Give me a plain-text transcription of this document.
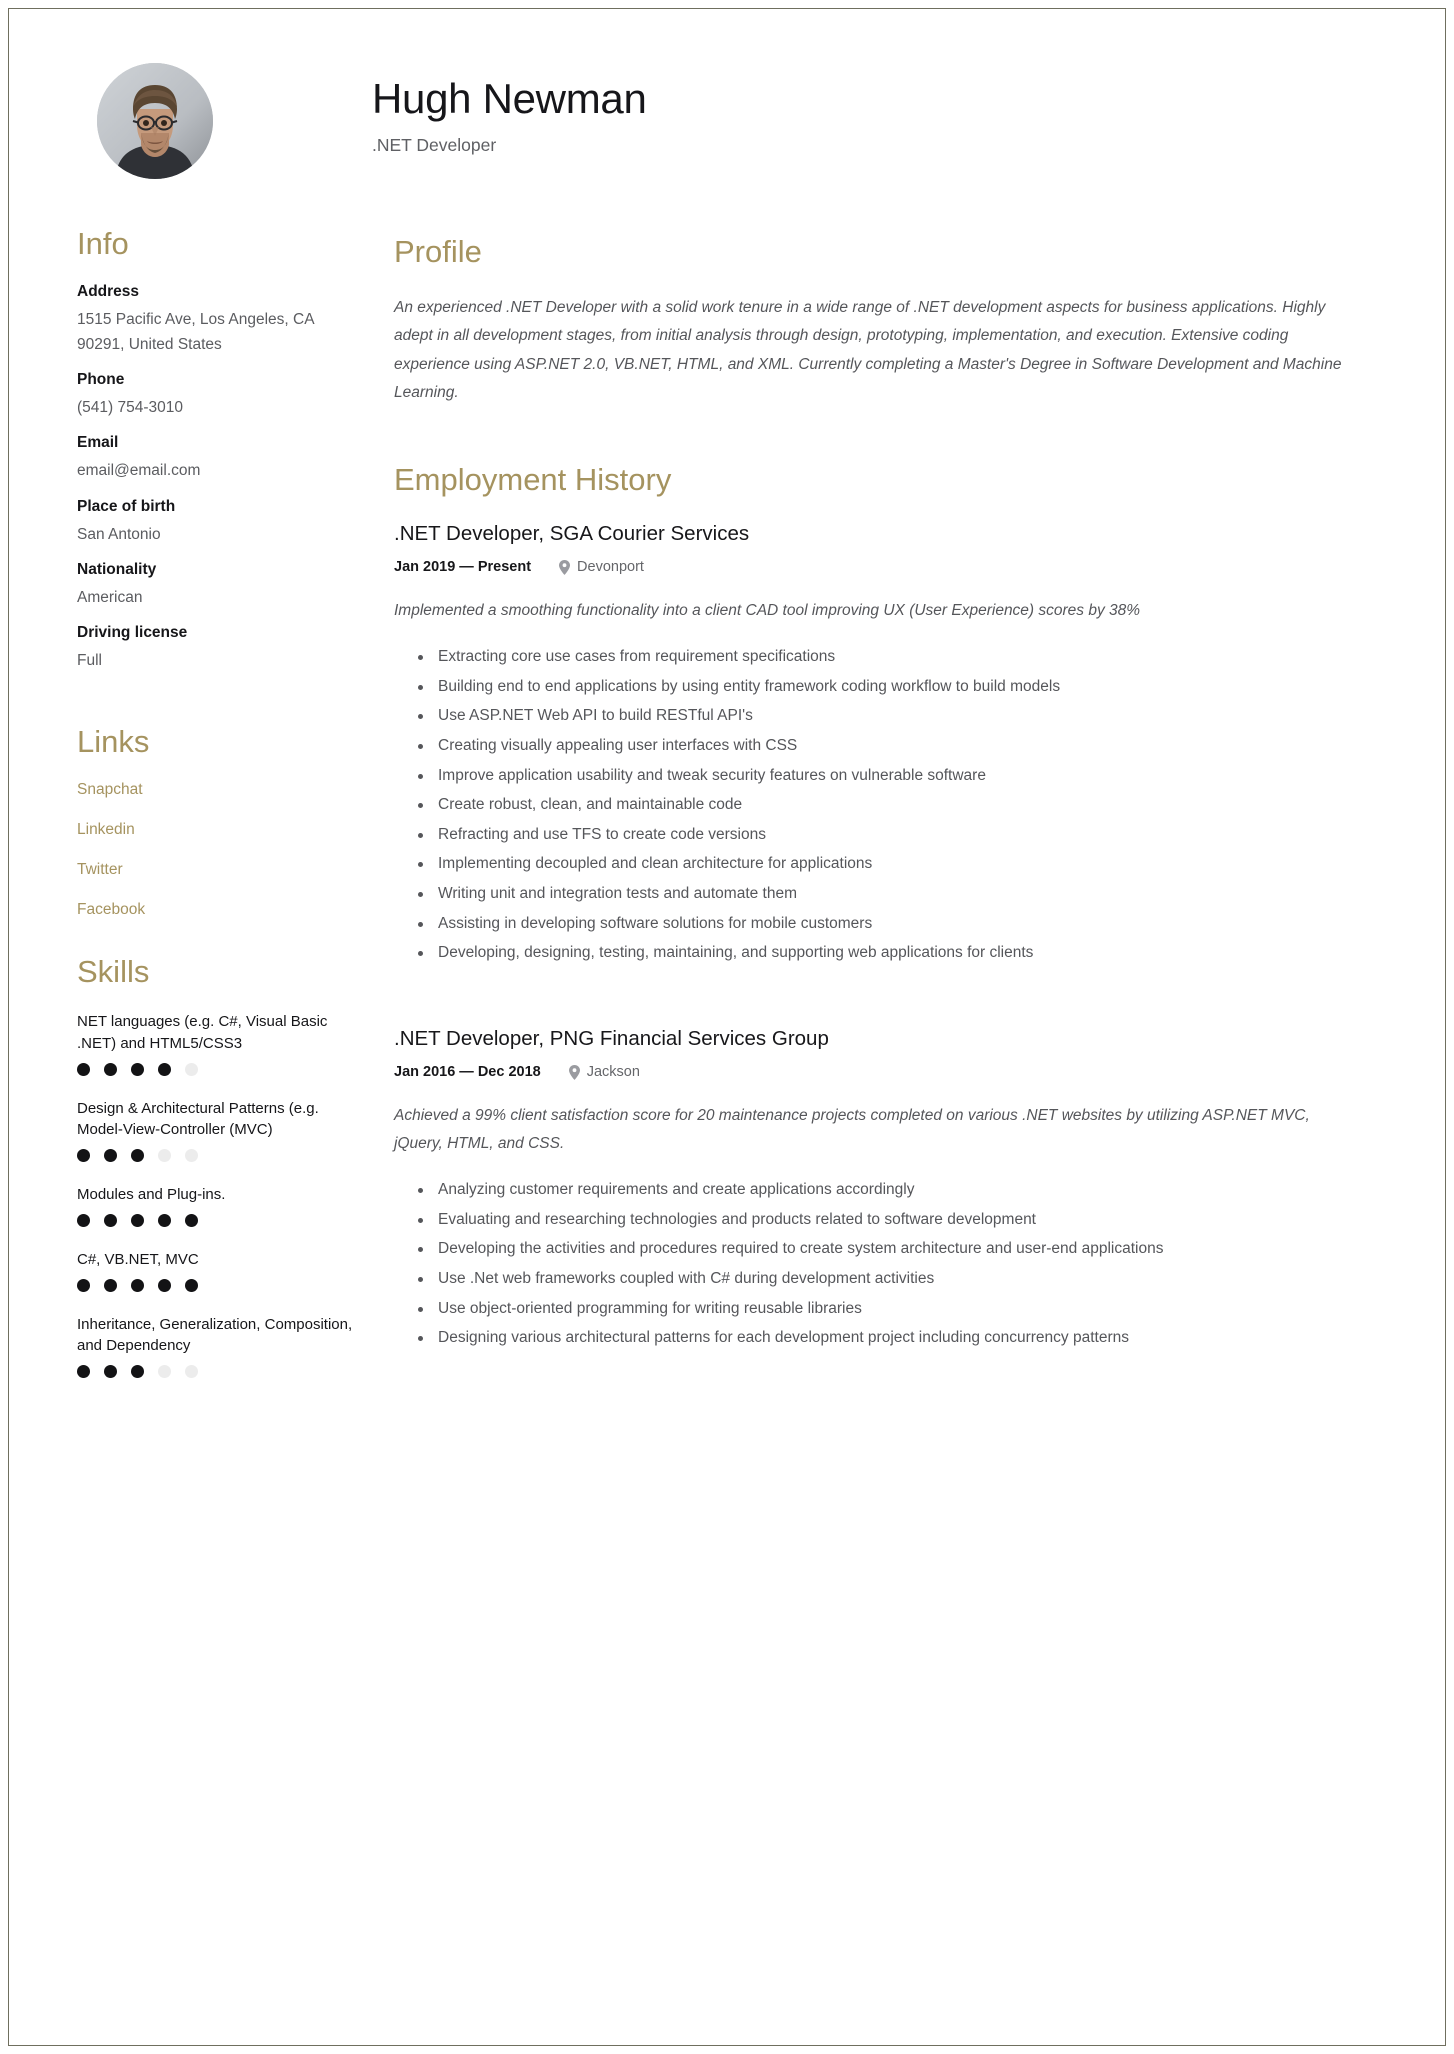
Hugh Newman
.NET Developer
Info
Address
1515 Pacific Ave, Los Angeles, CA 90291, United States
Phone
(541) 754-3010
Email
email@email.com
Place of birth
San Antonio
Nationality
American
Driving license
Full
Links
Snapchat
Linkedin
Twitter
Facebook
Skills
NET languages (e.g. C#, Visual Basic .NET) and HTML5/CSS3
Design & Architectural Patterns (e.g. Model-View-Controller (MVC)
Modules and Plug-ins.
C#, VB.NET, MVC
Inheritance, Generalization, Composition, and Dependency
Profile
An experienced .NET Developer with a solid work tenure in a wide range of .NET development aspects for business applications. Highly adept in all development stages, from initial analysis through design, prototyping, implementation, and execution. Extensive coding experience using ASP.NET 2.0, VB.NET, HTML, and XML. Currently completing a Master's Degree in Software Development and Machine Learning.
Employment History
.NET Developer, SGA Courier Services
Jan 2019 — Present	Devonport
Implemented a smoothing functionality into a client CAD tool improving UX (User Experience) scores by 38%
Extracting core use cases from requirement specifications
Building end to end applications by using entity framework coding workflow to build models
Use ASP.NET Web API to build RESTful API's
Creating visually appealing user interfaces with CSS
Improve application usability and tweak security features on vulnerable software
Create robust, clean, and maintainable code
Refracting and use TFS to create code versions
Implementing decoupled and clean architecture for applications
Writing unit and integration tests and automate them
Assisting in developing software solutions for mobile customers
Developing, designing, testing, maintaining, and supporting web applications for clients
.NET Developer, PNG Financial Services Group
Jan 2016 — Dec 2018	Jackson
Achieved a 99% client satisfaction score for 20 maintenance projects completed on various .NET websites by utilizing ASP.NET MVC, jQuery, HTML, and CSS.
Analyzing customer requirements and create applications accordingly
Evaluating and researching technologies and products related to software development
Developing the activities and procedures required to create system architecture and user-end applications
Use .Net web frameworks coupled with C# during development activities
Use object-oriented programming for writing reusable libraries
Designing various architectural patterns for each development project including concurrency patterns
